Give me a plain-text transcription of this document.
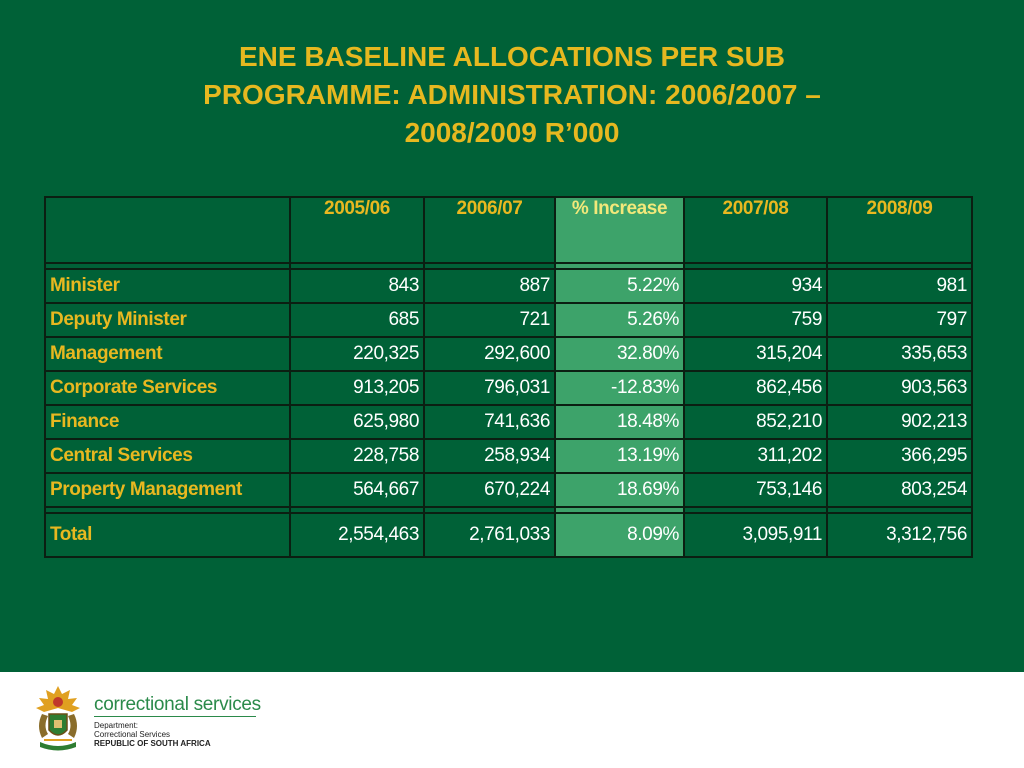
ENE BASELINE ALLOCATIONS PER SUB
PROGRAMME: ADMINISTRATION: 2006/2007 –
2008/2009 R’000
	2005/06	2006/07	% Increase	2007/08	2008/09

Minister	843	887	5.22%	934	981
Deputy Minister	685	721	5.26%	759	797
Management	220,325	292,600	32.80%	315,204	335,653
Corporate Services	913,205	796,031	-12.83%	862,456	903,563
Finance	625,980	741,636	18.48%	852,210	902,213
Central Services	228,758	258,934	13.19%	311,202	366,295
Property Management	564,667	670,224	18.69%	753,146	803,254

Total	2,554,463	2,761,033	8.09%	3,095,911	3,312,756
correctional services
Department:
Correctional Services
REPUBLIC OF SOUTH AFRICA
